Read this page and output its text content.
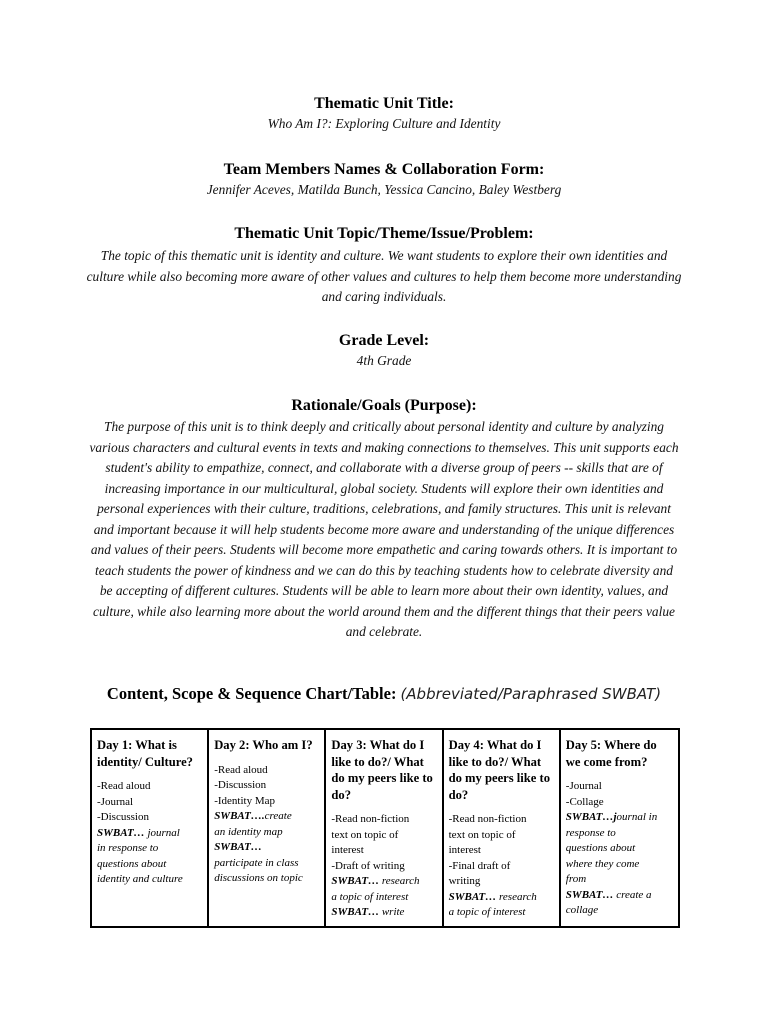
Thematic Unit Title:

Who Am I?: Exploring Culture and Identity

Team Members Names & Collaboration Form:

Jennifer Aceves, Matilda Bunch, Yessica Cancino, Baley Westberg

Thematic Unit Topic/Theme/Issue/Problem:

The topic of this thematic unit is identity and culture. We want students to explore their own identities and culture while also becoming more aware of other values and cultures to help them become more understanding and caring individuals.

Grade Level:

4th Grade

Rationale/Goals (Purpose):

The purpose of this unit is to think deeply and critically about personal identity and culture by analyzing various characters and cultural events in texts and making connections to themselves. This unit supports each student's ability to empathize, connect, and collaborate with a diverse group of peers -- skills that are of increasing importance in our multicultural, global society. Students will explore their own identities and personal experiences with their culture, traditions, celebrations, and family structures. This unit is relevant and important because it will help students become more aware and understanding of the unique differences and values of their peers. Students will become more empathetic and caring towards others. It is important to teach students the power of kindness and we can do this by teaching students how to celebrate diversity and be accepting of different cultures. Students will be able to learn more about their own identity, values, and culture, while also learning more about the world around them and the different things that their peers value and celebrate.

Content, Scope & Sequence Chart/Table:

(Abbreviated/Paraphrased SWBAT)

Day 1: What is identity/ Culture?
-Read aloud
-Journal
-Discussion
SWBAT… journal
in response to
questions about
identity and culture
Day 2: Who am I?
-Read aloud
-Discussion
-Identity Map
SWBAT….create
an identity map
SWBAT…
participate in class
discussions on topic
Day 3: What do I like to do?/ What do my peers like to do?
-Read non-fiction
text on topic of
interest
-Draft of writing
SWBAT… research
a topic of interest
SWBAT… write
Day 4: What do I like to do?/ What do my peers like to do?
-Read non-fiction
text on topic of
interest
-Final draft of
writing
SWBAT… research
a topic of interest
Day 5: Where do we come from?
-Journal
-Collage
SWBAT…journal in
response to
questions about
where they come
from
SWBAT… create a
collage
